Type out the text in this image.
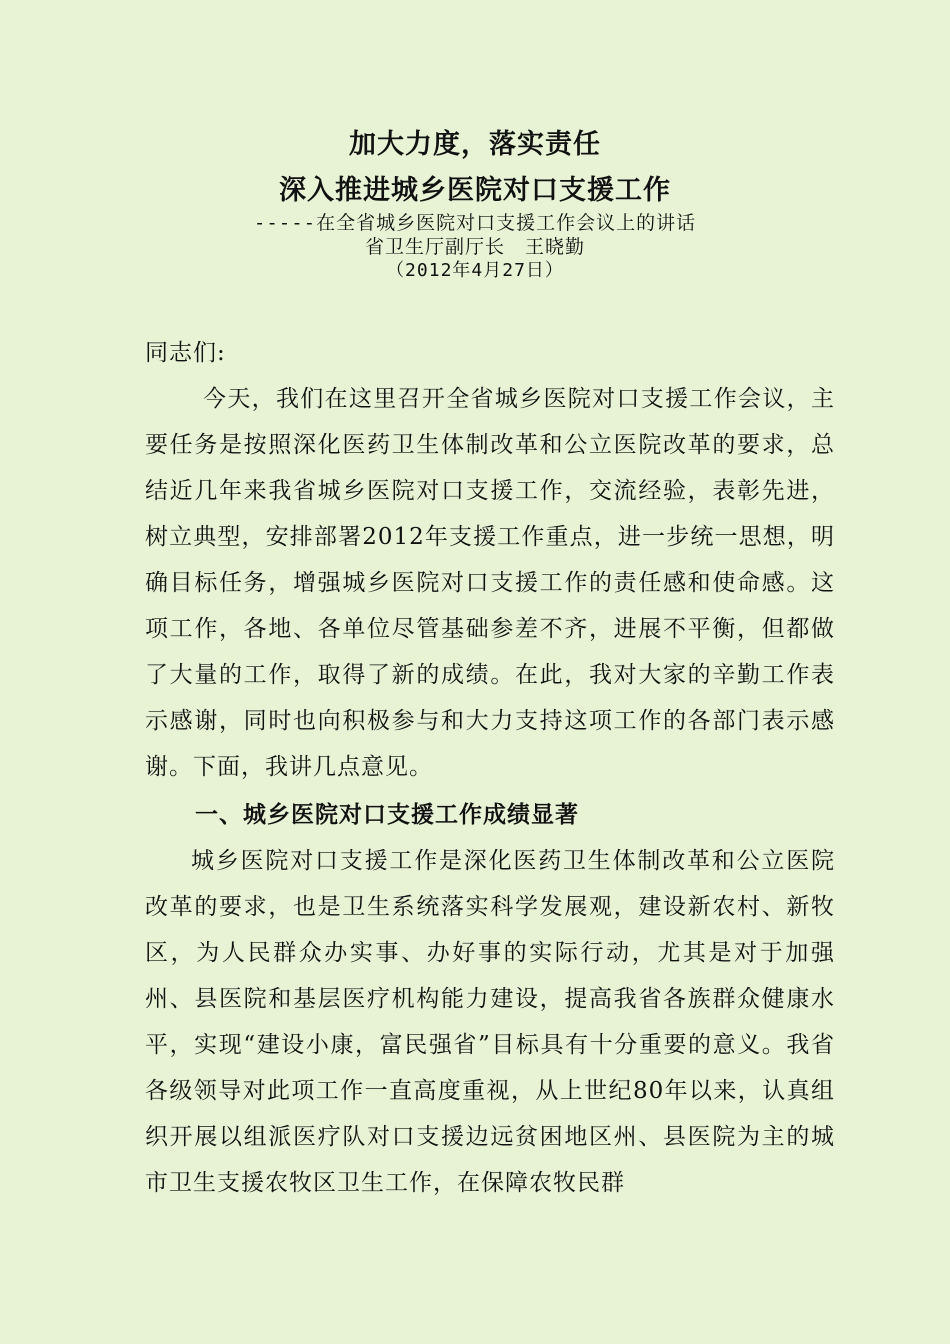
加大力度，落实责任
深入推进城乡医院对口支援工作
-----在全省城乡医院对口支援工作会议上的讲话
省卫生厅副厅长　王晓勤
（2012年4月27日）
同志们:
今天，我们在这里召开全省城乡医院对口支援工作会议，主要任务是按照深化医药卫生体制改革和公立医院改革的要求，总结近几年来我省城乡医院对口支援工作，交流经验，表彰先进，树立典型，安排部署2012年支援工作重点，进一步统一思想，明确目标任务，增强城乡医院对口支援工作的责任感和使命感。这项工作，各地、各单位尽管基础参差不齐，进展不平衡，但都做了大量的工作，取得了新的成绩。在此，我对大家的辛勤工作表示感谢，同时也向积极参与和大力支持这项工作的各部门表示感谢。下面，我讲几点意见。
一、城乡医院对口支援工作成绩显著
城乡医院对口支援工作是深化医药卫生体制改革和公立医院改革的要求，也是卫生系统落实科学发展观，建设新农村、新牧区，为人民群众办实事、办好事的实际行动，尤其是对于加强州、县医院和基层医疗机构能力建设，提高我省各族群众健康水平，实现“建设小康，富民强省”目标具有十分重要的意义。我省各级领导对此项工作一直高度重视，从上世纪80年以来，认真组织开展以组派医疗队对口支援边远贫困地区州、县医院为主的城市卫生支援农牧区卫生工作，在保障农牧民群
